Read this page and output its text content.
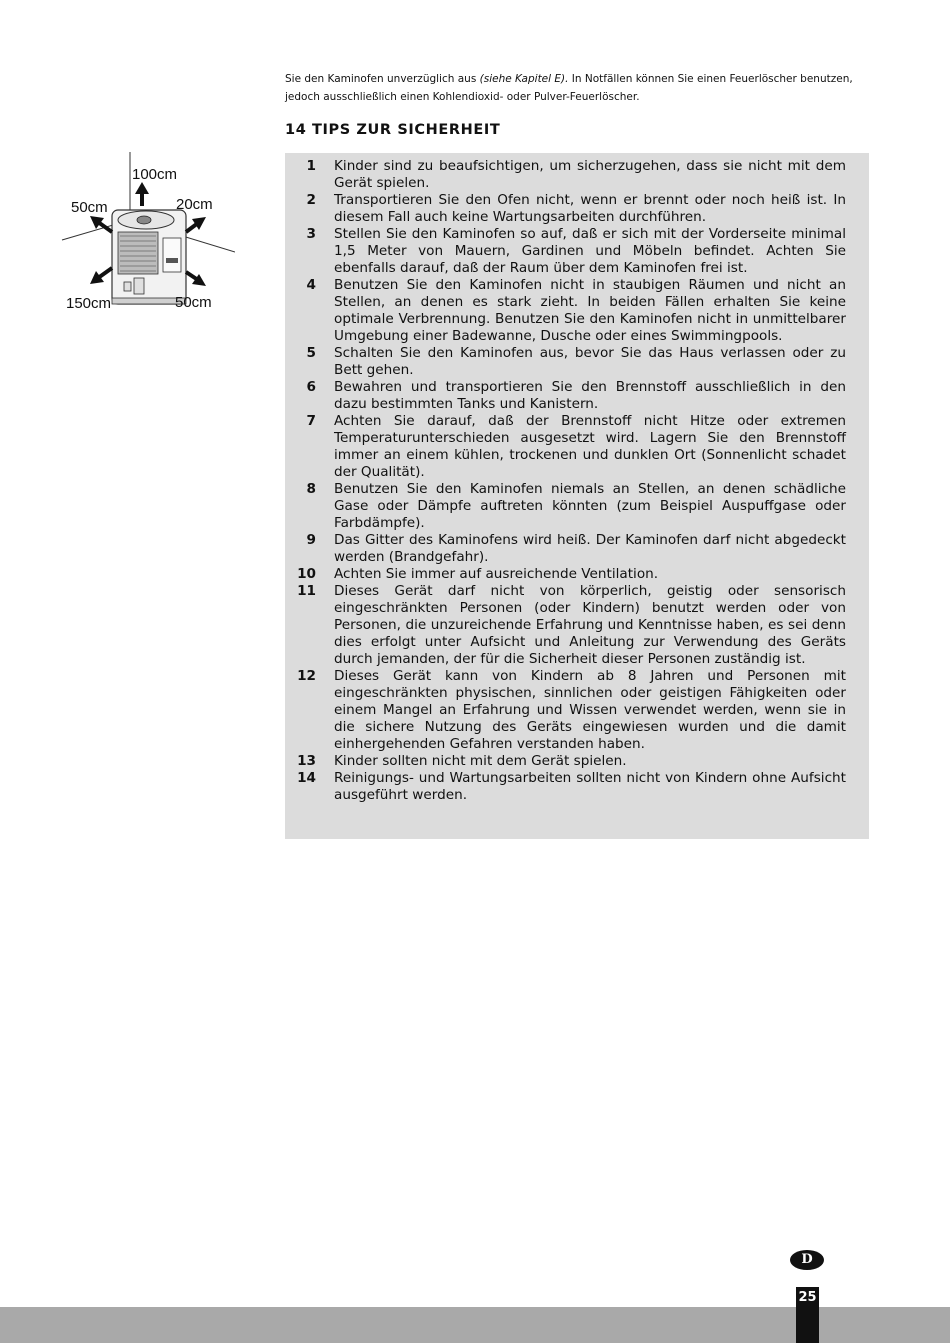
Sie den Kaminofen unverzüglich aus (siehe Kapitel E). In Notfällen können Sie einen Feuerlöscher benutzen, jedoch ausschließlich einen Kohlendioxid- oder Pulver-Feuerlöscher.
14 TIPS ZUR SICHERHEIT
100cm
50cm	20cm
150cm	50cm
1	Kinder sind zu beaufsichtigen, um sicherzugehen, dass sie nicht mit dem Gerät spielen.
2	Transportieren Sie den Ofen nicht, wenn er brennt oder noch heiß ist. In diesem Fall auch keine Wartungsarbeiten durchführen.
3	Stellen Sie den Kaminofen so auf, daß er sich mit der Vorderseite minimal 1,5 Meter von Mauern, Gardinen und Möbeln befindet. Achten Sie ebenfalls darauf, daß der Raum über dem Kaminofen frei ist.
4	Benutzen Sie den Kaminofen nicht in staubigen Räumen und nicht an Stellen, an denen es stark zieht. In beiden Fällen erhalten Sie keine optimale Verbrennung. Benutzen Sie den Kaminofen nicht in unmittelbarer Umgebung einer Badewanne, Dusche oder eines Swimmingpools.
5	Schalten Sie den Kaminofen aus, bevor Sie das Haus verlassen oder zu Bett gehen.
6	Bewahren und transportieren Sie den Brennstoff ausschließlich in den dazu bestimmten Tanks und Kanistern.
7	Achten Sie darauf, daß der Brennstoff nicht Hitze oder extremen Temperaturunterschieden ausgesetzt wird. Lagern Sie den Brennstoff immer an einem kühlen, trockenen und dunklen Ort (Sonnenlicht schadet der Qualität).
8	Benutzen Sie den Kaminofen niemals an Stellen, an denen schädliche Gase oder Dämpfe auftreten könnten (zum Beispiel Auspuffgase oder Farbdämpfe).
9	Das Gitter des Kaminofens wird heiß. Der Kaminofen darf nicht abgedeckt werden (Brandgefahr).
10	Achten Sie immer auf ausreichende Ventilation.
11	Dieses Gerät darf nicht von körperlich, geistig oder sensorisch eingeschränkten Personen (oder Kindern) benutzt werden oder von Personen, die unzureichende Erfahrung und Kenntnisse haben, es sei denn dies erfolgt unter Aufsicht und Anleitung zur Verwendung des Geräts durch jemanden, der für die Sicherheit dieser Personen zuständig ist.
12	Dieses Gerät kann von Kindern ab 8 Jahren und Personen mit eingeschränkten physischen, sinnlichen oder geistigen Fähigkeiten oder einem Mangel an Erfahrung und Wissen verwendet werden, wenn sie in die sichere Nutzung des Geräts eingewiesen wurden und die damit einhergehenden Gefahren verstanden haben.
13	Kinder sollten nicht mit dem Gerät spielen.
14	Reinigungs- und Wartungsarbeiten sollten nicht von Kindern ohne Aufsicht ausgeführt werden.
D
25
